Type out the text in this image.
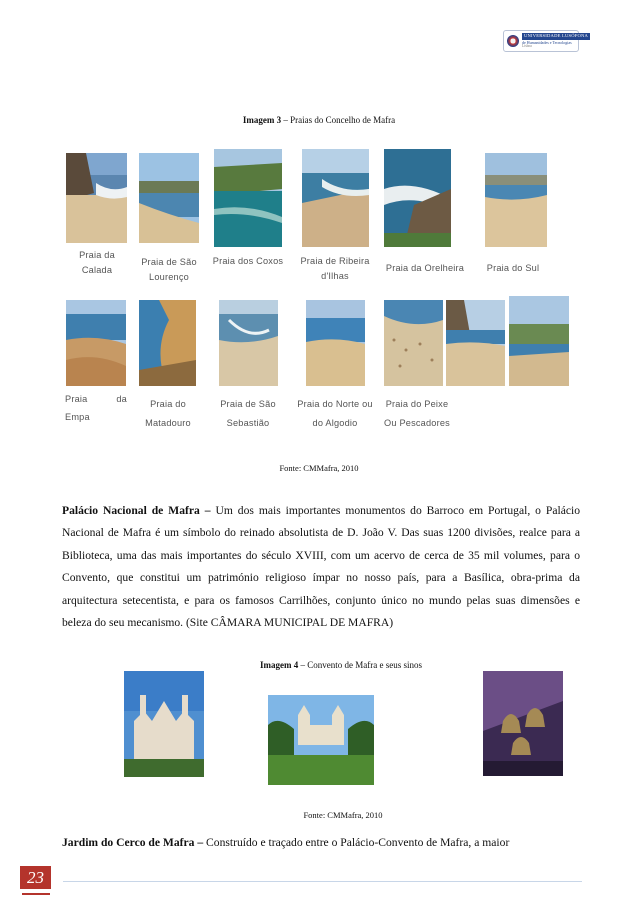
UNIVERSIDADE LUSÓFONA
de Humanidades e Tecnologias
Lisboa
Imagem 3 – Praias do Concelho de Mafra
Praia da Calada
Praia de São Lourenço
Praia dos Coxos	Praia de Ribeira d'Ilhas
Praia da Orelheira	Praia do Sul
Praia	da
Empa
Praia do
Matadouro
Praia de São
Sebastião
Praia do Norte ou
do Algodio
Praia do Peixe
Ou Pescadores
Fonte: CMMafra, 2010
Palácio Nacional de Mafra – Um dos mais importantes monumentos do Barroco em Portugal, o Palácio Nacional de Mafra é um símbolo do reinado absolutista de D. João V. Das suas 1200 divisões, realce para a Biblioteca, uma das mais importantes do século XVIII, com um acervo de cerca de 35 mil volumes, para o Convento, que constitui um património religioso ímpar no nosso país, para a Basílica, obra-prima da arquitectura setecentista, e para os famosos Carrilhões, conjunto único no mundo pelas suas dimensões e beleza do seu mecanismo. (Site CÂMARA MUNICIPAL DE MAFRA)
Imagem 4 – Convento de Mafra e seus sinos
Fonte: CMMafra, 2010
Jardim do Cerco de Mafra – Construído e traçado entre o Palácio-Convento de Mafra, a maior
23
